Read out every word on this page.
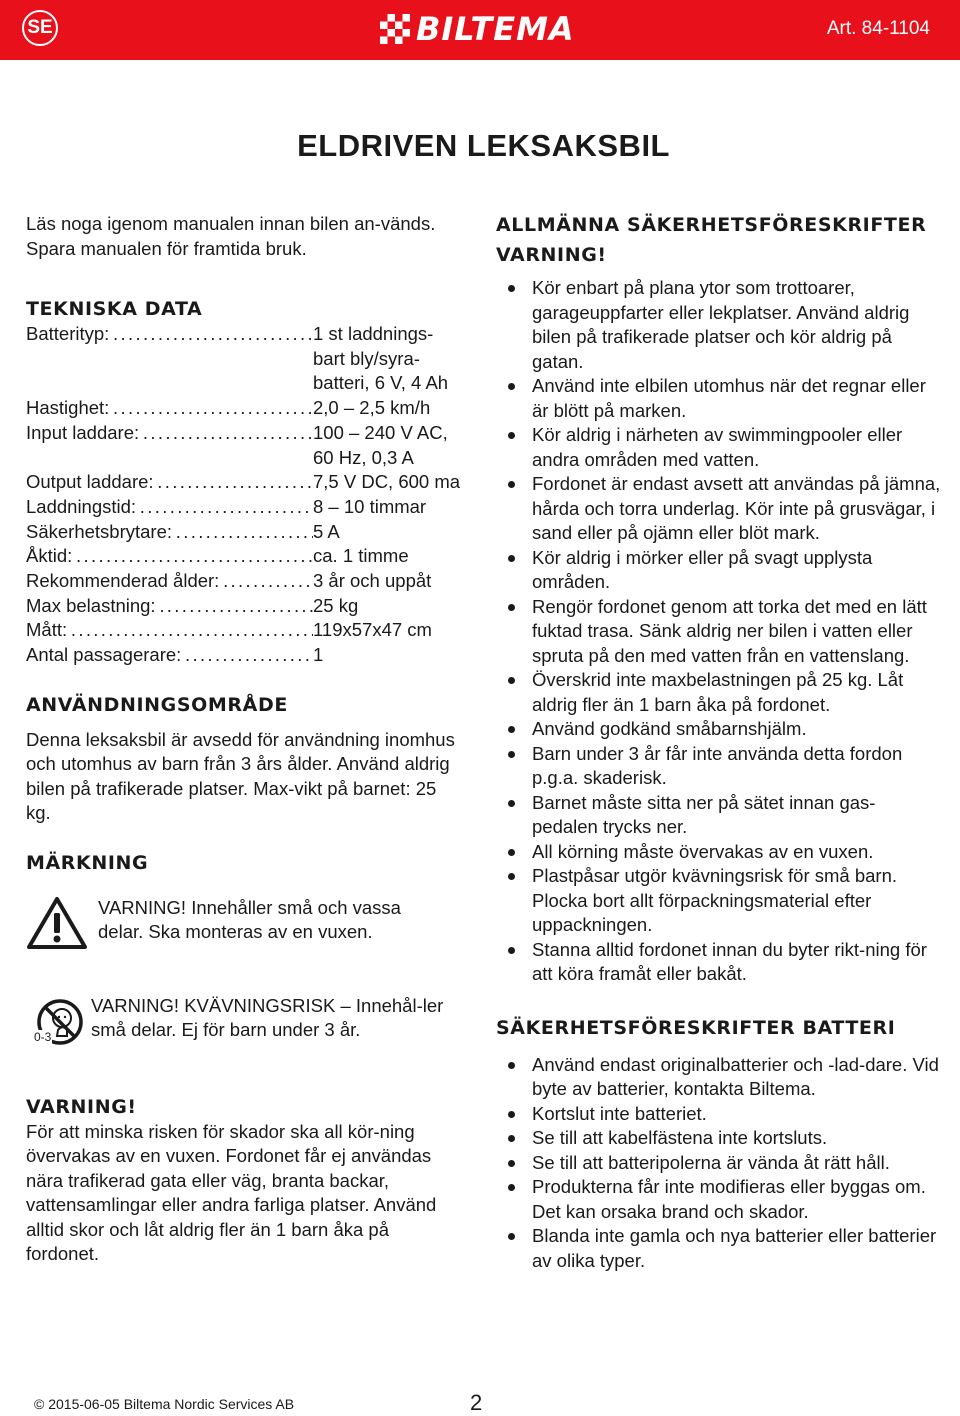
SE	BILTEMA	Art. 84-1104
ELDRIVEN LEKSAKSBIL

Läs noga igenom manualen innan bilen an-vänds. Spara manualen för framtida bruk.

TEKNISKA DATA
Batterityp: . . .	1 st laddnings-bart bly/syra-batteri, 6 V, 4 Ah
Hastighet: . . .	2,0 – 2,5 km/h
Input laddare: . . .	100 – 240 V AC, 60 Hz, 0,3 A
Output laddare: . . .	7,5 V DC, 600 ma
Laddningstid: . . .	8 – 10 timmar
Säkerhetsbrytare: . . .	5 A
Åktid: . . .	ca. 1 timme
Rekommenderad ålder: . . .	3 år och uppåt
Max belastning: . . .	25 kg
Mått: . . .	119x57x47 cm
Antal passagerare: . . .	1
ANVÄNDNINGSOMRÅDE

Denna leksaksbil är avsedd för användning inomhus och utomhus av barn från 3 års ålder. Använd aldrig bilen på trafikerade platser. Max-vikt på barnet: 25 kg.

MÄRKNING

VARNING! Innehåller små och vassa delar. Ska monteras av en vuxen.

0-3

VARNING! KVÄVNINGSRISK – Innehål-ler små delar. Ej för barn under 3 år.

VARNING!

För att minska risken för skador ska all kör-ning övervakas av en vuxen. Fordonet får ej användas nära trafikerad gata eller väg, branta backar, vattensamlingar eller andra farliga platser. Använd alltid skor och låt aldrig fler än 1 barn åka på fordonet.

ALLMÄNNA SÄKERHETSFÖRESKRIFTER
VARNING!
Kör enbart på plana ytor som trottoarer, garageuppfarter eller lekplatser. Använd aldrig bilen på trafikerade platser och kör aldrig på gatan.
Använd inte elbilen utomhus när det regnar eller är blött på marken.
Kör aldrig i närheten av swimmingpooler eller andra områden med vatten.
Fordonet är endast avsett att användas på jämna, hårda och torra underlag. Kör inte på grusvägar, i sand eller på ojämn eller blöt mark.
Kör aldrig i mörker eller på svagt upplysta områden.
Rengör fordonet genom att torka det med en lätt fuktad trasa. Sänk aldrig ner bilen i vatten eller spruta på den med vatten från en vattenslang.
Överskrid inte maxbelastningen på 25 kg. Låt aldrig fler än 1 barn åka på fordonet.
Använd godkänd småbarnshjälm.
Barn under 3 år får inte använda detta fordon p.g.a. skaderisk.
Barnet måste sitta ner på sätet innan gas-pedalen trycks ner.
All körning måste övervakas av en vuxen.
Plastpåsar utgör kvävningsrisk för små barn. Plocka bort allt förpackningsmaterial efter uppackningen.
Stanna alltid fordonet innan du byter rikt-ning för att köra framåt eller bakåt.
SÄKERHETSFÖRESKRIFTER BATTERI
Använd endast originalbatterier och -lad-dare. Vid byte av batterier, kontakta Biltema.
Kortslut inte batteriet.
Se till att kabelfästena inte kortsluts.
Se till att batteripolerna är vända åt rätt håll.
Produkterna får inte modifieras eller byggas om. Det kan orsaka brand och skador.
Blanda inte gamla och nya batterier eller batterier av olika typer.
© 2015-06-05 Biltema Nordic Services AB	2
